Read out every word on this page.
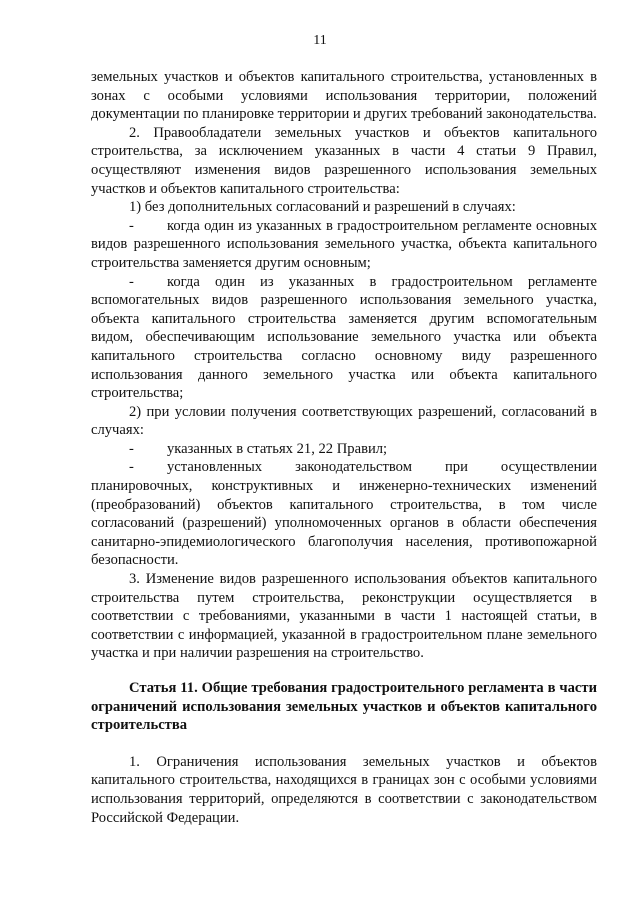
11

земельных участков и объектов капитального строительства, установленных в зонах с особыми условиями использования территории, положений документации по планировке территории и других требований законодательства.

2. Правообладатели земельных участков и объектов капитального строительства, за исключением указанных в части 4 статьи 9 Правил, осуществляют изменения видов разрешенного использования земельных участков и объектов капитального строительства:

1) без дополнительных согласований и разрешений в случаях:

- когда один из указанных в градостроительном регламенте основных видов разрешенного использования земельного участка, объекта капитального строительства заменяется другим основным;

- когда один из указанных в градостроительном регламенте вспомогательных видов разрешенного использования земельного участка, объекта капитального строительства заменяется другим вспомогательным видом, обеспечивающим использование земельного участка или объекта капитального строительства согласно основному виду разрешенного использования данного земельного участка или объекта капитального строительства;

2) при условии получения соответствующих разрешений, согласований в случаях:

- указанных в статьях 21, 22 Правил;

- установленных законодательством при осуществлении планировочных, конструктивных и инженерно-технических изменений (преобразований) объектов капитального строительства, в том числе согласований (разрешений) уполномоченных органов в области обеспечения санитарно-эпидемиологического благополучия населения, противопожарной безопасности.

3. Изменение видов разрешенного использования объектов капитального строительства путем строительства, реконструкции осуществляется в соответствии с требованиями, указанными в части 1 настоящей статьи, в соответствии с информацией, указанной в градостроительном плане земельного участка и при наличии разрешения на строительство.

Статья 11. Общие требования градостроительного регламента в части ограничений использования земельных участков и объектов капитального строительства

1. Ограничения использования земельных участков и объектов капитального строительства, находящихся в границах зон с особыми условиями использования территорий, определяются в соответствии с законодательством Российской Федерации.
